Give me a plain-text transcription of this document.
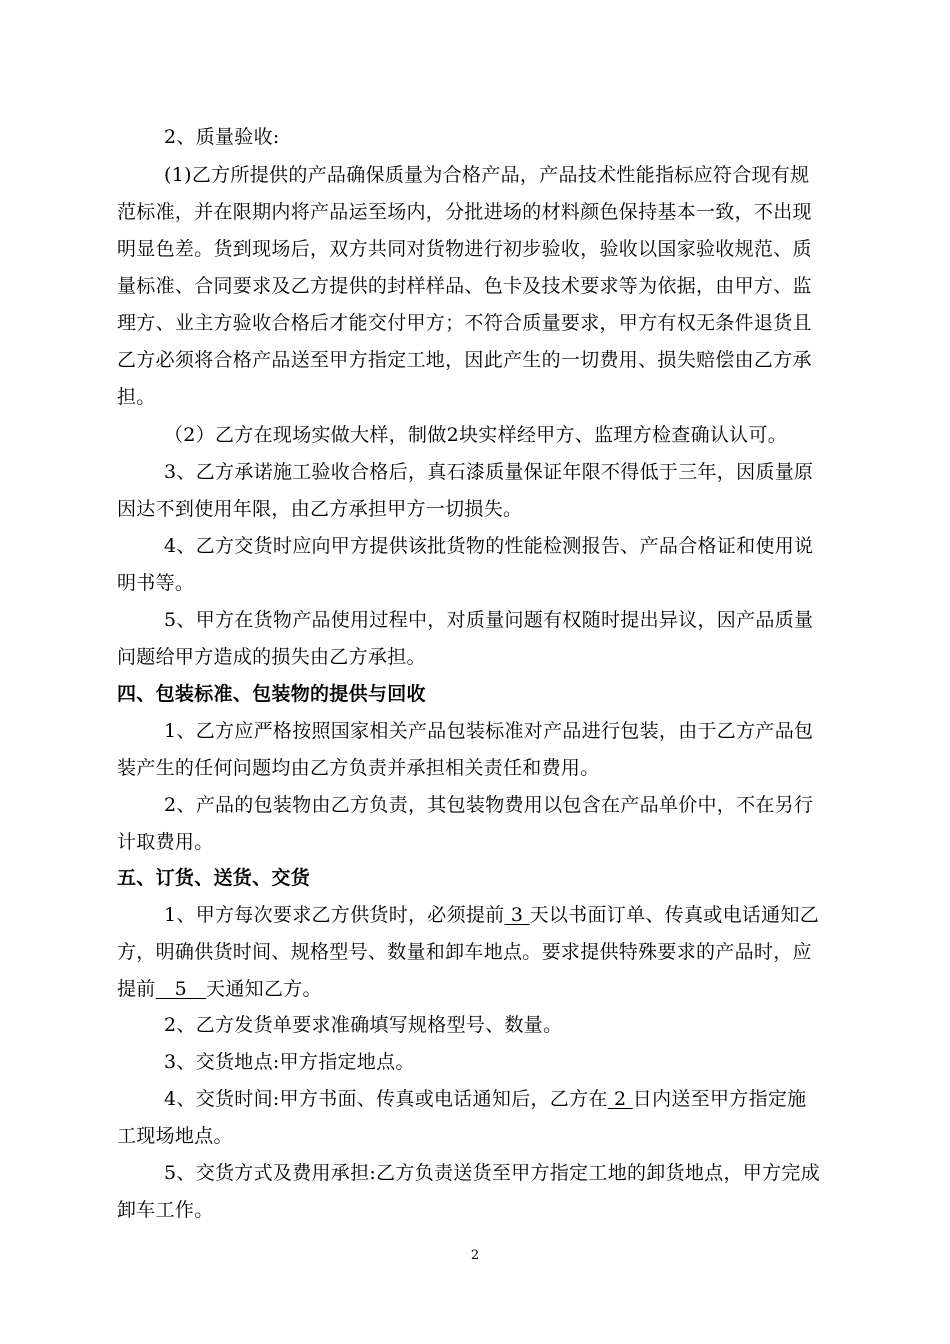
2、质量验收:
(1)乙方所提供的产品确保质量为合格产品，产品技术性能指标应符合现有规
范标准，并在限期内将产品运至场内，分批进场的材料颜色保持基本一致，不出现
明显色差。货到现场后，双方共同对货物进行初步验收，验收以国家验收规范、质
量标准、合同要求及乙方提供的封样样品、色卡及技术要求等为依据，由甲方、监
理方、业主方验收合格后才能交付甲方；不符合质量要求，甲方有权无条件退货且
乙方必须将合格产品送至甲方指定工地，因此产生的一切费用、损失赔偿由乙方承
担。
（2）乙方在现场实做大样，制做2块实样经甲方、监理方检查确认认可。
3、乙方承诺施工验收合格后，真石漆质量保证年限不得低于三年，因质量原
因达不到使用年限，由乙方承担甲方一切损失。
4、乙方交货时应向甲方提供该批货物的性能检测报告、产品合格证和使用说
明书等。
5、甲方在货物产品使用过程中，对质量问题有权随时提出异议，因产品质量
问题给甲方造成的损失由乙方承担。
四、包装标准、包装物的提供与回收
1、乙方应严格按照国家相关产品包装标准对产品进行包装，由于乙方产品包
装产生的任何问题均由乙方负责并承担相关责任和费用。
2、产品的包装物由乙方负责，其包装物费用以包含在产品单价中，不在另行
计取费用。
五、订货、送货、交货
1、甲方每次要求乙方供货时，必须提前 3 天以书面订单、传真或电话通知乙
方，明确供货时间、规格型号、数量和卸车地点。要求提供特殊要求的产品时，应
提前   5   天通知乙方。
2、乙方发货单要求准确填写规格型号、数量。
3、交货地点:甲方指定地点。
4、交货时间:甲方书面、传真或电话通知后，乙方在 2 日内送至甲方指定施
工现场地点。
5、交货方式及费用承担:乙方负责送货至甲方指定工地的卸货地点，甲方完成
卸车工作。
2
